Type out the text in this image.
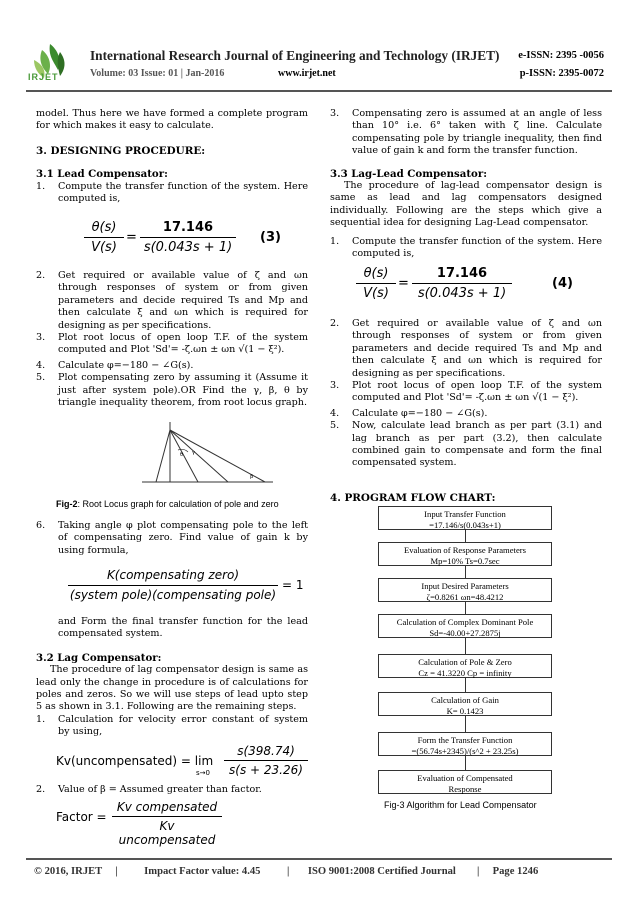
IRJET
International Research Journal of Engineering and Technology (IRJET) e-ISSN: 2395 -0056
Volume: 03 Issue: 01 | Jan-2016	www.irjet.net	p-ISSN: 2395-0072

model. Thus here we have formed a complete program for which makes it easy to calculate.

3. DESIGNING PROCEDURE:

3.1 Lead Compensator:

1. Compute the transfer function of the system. Here computed is,
θ(s)
V(s)
=
17.146
s(0.043s + 1)
(3)
2. Get required or available value of ζ and ωn through responses of system or from given parameters and decide required Ts and Mp and then calculate ξ and ωn which is required for designing as per specifications.
3. Plot root locus of open loop T.F. of the system computed and Plot 'Sd'= -ζ.ωn ± ωn √(1 − ξ²).
4. Calculate φ=−180 − ∠G(s).
5. Plot compensating zero by assuming it (Assume it just after system pole).OR Find the γ, β, θ by triangle inequality theorem, from root locus graph.
θ γ
β
Fig-2: Root Locus graph for calculation of pole and zero
6. Taking angle φ plot compensating pole to the left of compensating zero. Find value of gain k by using formula,
K(compensating zero)
(system pole)(compensating pole)
= 1

and Form the final transfer function for the lead compensated system.

3.2 Lag Compensator:

The procedure of lag compensator design is same as lead only the change in procedure is of calculations for poles and zeros. So we will use steps of lead upto step 5 as shown in 3.1. Following are the remaining steps.

1. Calculation for velocity error constant of system by using,
Kv(uncompensated) = lim
s→0
s(398.74)
s(s + 23.26)
2. Value of β = Assumed greater than factor.
Factor =
Kv compensated
Kv uncompensated
3. Compensating zero is assumed at an angle of less than 10° i.e. 6° taken with ζ line. Calculate compensating pole by triangle inequality, then find value of gain k and form the transfer function.

3.3 Lag-Lead Compensator:

The procedure of lag-lead compensator design is same as lead and lag compensators designed individually. Following are the steps which give a sequential idea for designing Lag-Lead compensator.

1. Compute the transfer function of the system. Here computed is,
θ(s)
V(s)
=
17.146
s(0.043s + 1)
(4)
2. Get required or available value of ζ and ωn through responses of system or from given parameters and decide required Ts and Mp and then calculate ξ and ωn which is required for designing as per specifications.
3. Plot root locus of open loop T.F. of the system computed and Plot 'Sd'= -ζ.ωn ± ωn √(1 − ξ²).
4. Calculate φ=−180 − ∠G(s).
5. Now, calculate lead branch as per part (3.1) and lag branch as per part (3.2), then calculate combined gain to compensate and form the final compensated system.

4. PROGRAM FLOW CHART:

Input Transfer Function
=17.146/s(0.043s+1)
Evaluation of Response Parameters
Mp=10% Ts=0.7sec
Input Desired Parameters
ζ=0.8261 ωn=48.4212
Calculation of Complex Dominant Pole
Sd=-40.00+27.2875j
Calculation of Pole & Zero
Cz = 41.3220 Cp = infinity
Calculation of Gain
K= 0.1423
Form the Transfer Function
=(56.74s+2345)/(s^2 + 23.25s)
Evaluation of Compensated
Response
Fig-3 Algorithm for Lead Compensator
© 2016, IRJET | Impact Factor value: 4.45 | ISO 9001:2008 Certified Journal | Page 1246
